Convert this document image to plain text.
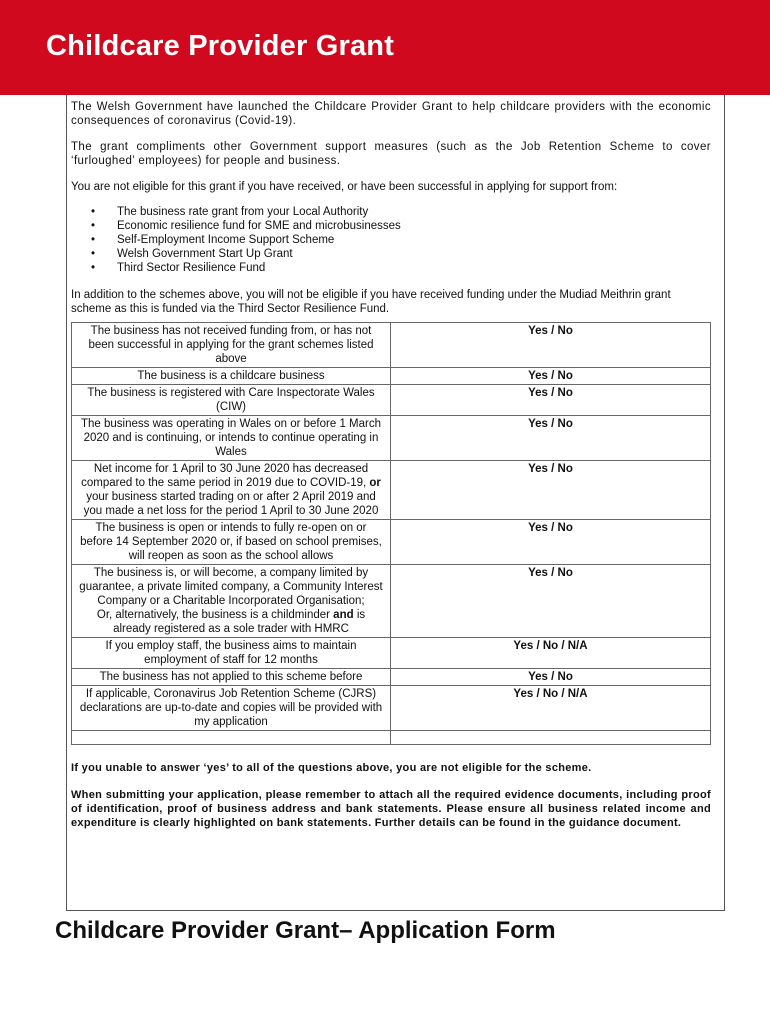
Childcare Provider Grant

The Welsh Government have launched the Childcare Provider Grant to help childcare providers with the economic consequences of coronavirus (Covid-19).

The grant compliments other Government support measures (such as the Job Retention Scheme to cover ‘furloughed’ employees) for people and business.

You are not eligible for this grant if you have received, or have been successful in applying for support from:

• The business rate grant from your Local Authority
• Economic resilience fund for SME and microbusinesses
• Self-Employment Income Support Scheme
• Welsh Government Start Up Grant
• Third Sector Resilience Fund

In addition to the schemes above, you will not be eligible if you have received funding under the Mudiad Meithrin grant scheme as this is funded via the Third Sector Resilience Fund.

The business has not received funding from, or has not been successful in applying for the grant schemes listed above	Yes / No
The business is a childcare business	Yes / No
The business is registered with Care Inspectorate Wales (CIW)	Yes / No
The business was operating in Wales on or before 1 March 2020 and is continuing, or intends to continue operating in Wales	Yes / No
Net income for 1 April to 30 June 2020 has decreased compared to the same period in 2019 due to COVID-19, or your business started trading on or after 2 April 2019 and you made a net loss for the period 1 April to 30 June 2020	Yes / No
The business is open or intends to fully re-open on or before 14 September 2020 or, if based on school premises, will reopen as soon as the school allows	Yes / No
The business is, or will become, a company limited by guarantee, a private limited company, a Community Interest Company or a Charitable Incorporated Organisation;
Or, alternatively, the business is a childminder and is already registered as a sole trader with HMRC	Yes / No
If you employ staff, the business aims to maintain employment of staff for 12 months	Yes / No / N/A
The business has not applied to this scheme before	Yes / No
If applicable, Coronavirus Job Retention Scheme (CJRS) declarations are up-to-date and copies will be provided with my application	Yes / No / N/A

If you unable to answer ‘yes’ to all of the questions above, you are not eligible for the scheme.

When submitting your application, please remember to attach all the required evidence documents, including proof of identification, proof of business address and bank statements. Please ensure all business related income and expenditure is clearly highlighted on bank statements. Further details can be found in the guidance document.

Childcare Provider Grant– Application Form
